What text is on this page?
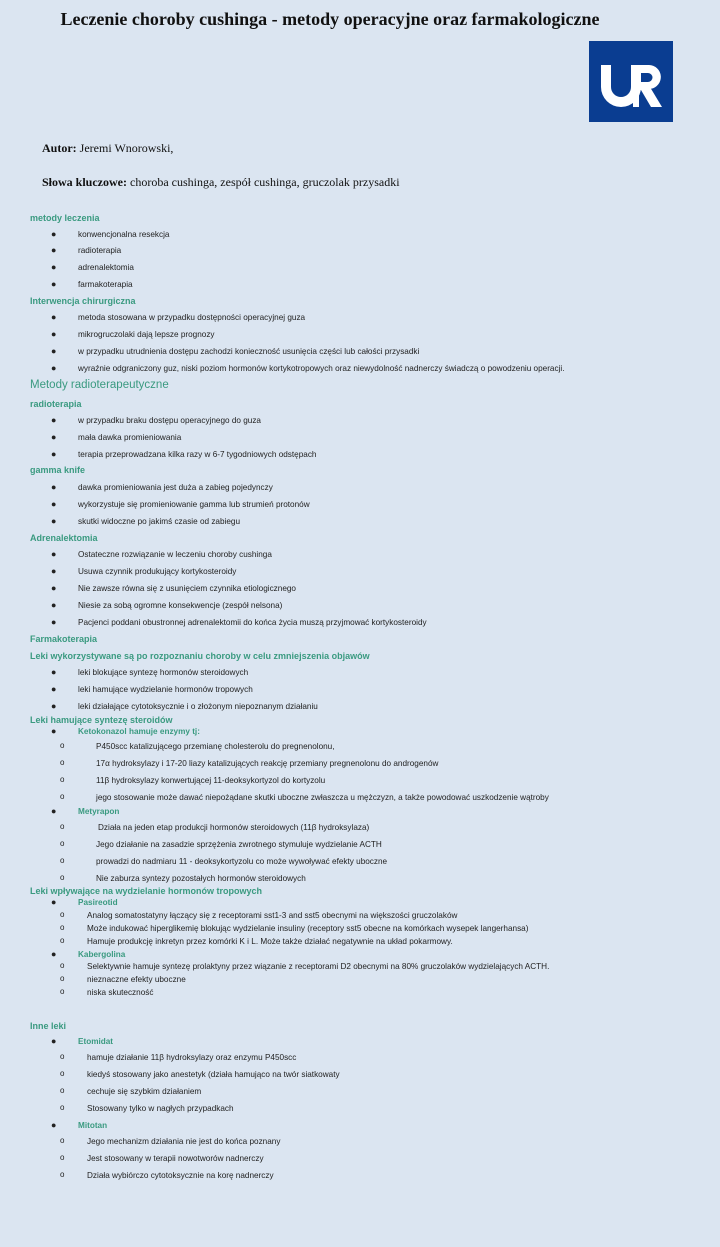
Leczenie choroby cushinga - metody operacyjne oraz farmakologiczne
Autor: Jeremi Wnorowski,
Słowa kluczowe: choroba cushinga, zespół cushinga, gruczolak przysadki
metody leczenia
●	konwencjonalna resekcja
●	radioterapia
●	adrenalektomia
●	farmakoterapia
Interwencja chirurgiczna
●	metoda stosowana w przypadku dostępności operacyjnej guza
●	mikrogruczolaki dają lepsze prognozy
●	w przypadku utrudnienia dostępu zachodzi konieczność usunięcia części lub całości przysadki
●	wyraźnie odgraniczony guz, niski poziom hormonów kortykotropowych oraz niewydolność nadnerczy świadczą o powodzeniu operacji.
Metody radioterapeutyczne
radioterapia
●	w przypadku braku dostępu operacyjnego do guza
●	mała dawka promieniowania
●	terapia przeprowadzana kilka razy w 6-7 tygodniowych odstępach
gamma knife
●	dawka promieniowania jest duża a zabieg pojedynczy
●	wykorzystuje się promieniowanie gamma lub strumień protonów
●	skutki widoczne po jakimś czasie od zabiegu
Adrenalektomia
●	Ostateczne rozwiązanie w leczeniu choroby cushinga
●	Usuwa czynnik produkujący kortykosteroidy
●	Nie zawsze równa się z usunięciem czynnika etiologicznego
●	Niesie za sobą ogromne konsekwencje (zespół nelsona)
●	Pacjenci poddani obustronnej adrenalektomii do końca życia muszą przyjmować kortykosteroidy
Farmakoterapia
Leki wykorzystywane są po rozpoznaniu choroby w celu zmniejszenia objawów
●	leki blokujące syntezę hormonów steroidowych
●	leki hamujące wydzielanie hormonów tropowych
●	leki działające cytotoksycznie i o złożonym niepoznanym działaniu
Leki hamujące syntezę steroidów
●	Ketokonazol hamuje enzymy tj:
o	P450scc katalizującego przemianę cholesterolu do pregnenolonu,
o	17α hydroksylazy i 17-20 liazy katalizujących reakcję przemiany pregnenolonu do androgenów
o	11β hydroksylazy konwertującej 11-deoksykortyzol do kortyzolu
o	jego stosowanie może dawać niepożądane skutki uboczne zwłaszcza u mężczyzn, a także powodować uszkodzenie wątroby
●	Metyrapon
o	Działa na jeden etap produkcji hormonów steroidowych (11β hydroksylaza)
o	Jego działanie na zasadzie sprzężenia zwrotnego stymuluje wydzielanie ACTH
o	prowadzi do nadmiaru 11 - deoksykortyzolu co może wywoływać efekty uboczne
o	Nie zaburza syntezy pozostałych hormonów steroidowych
Leki wpływające na wydzielanie hormonów tropowych
●	Pasireotid
o	Analog somatostatyny łączący się z receptorami sst1-3 and sst5 obecnymi na większości gruczolaków
o	Może indukować hiperglikemię blokując wydzielanie insuliny (receptory sst5 obecne na komórkach wysepek langerhansa)
o	Hamuje produkcję inkretyn przez komórki K i L. Może także działać negatywnie na układ pokarmowy.
●	Kabergolina
o	Selektywnie hamuje syntezę prolaktyny przez wiązanie z receptorami D2 obecnymi na 80% gruczolaków wydzielających ACTH.
o	nieznaczne efekty uboczne
o	niska skuteczność
Inne leki
●	Etomidat
o	hamuje działanie 11β hydroksylazy oraz enzymu P450scc
o	kiedyś stosowany jako anestetyk (działa hamująco na twór siatkowaty
o	cechuje się szybkim działaniem
o	Stosowany tylko w nagłych przypadkach
●	Mitotan
o	Jego mechanizm działania nie jest do końca poznany
o	Jest stosowany w terapii nowotworów nadnerczy
o	Działa wybiórczo cytotoksycznie na korę nadnerczy
